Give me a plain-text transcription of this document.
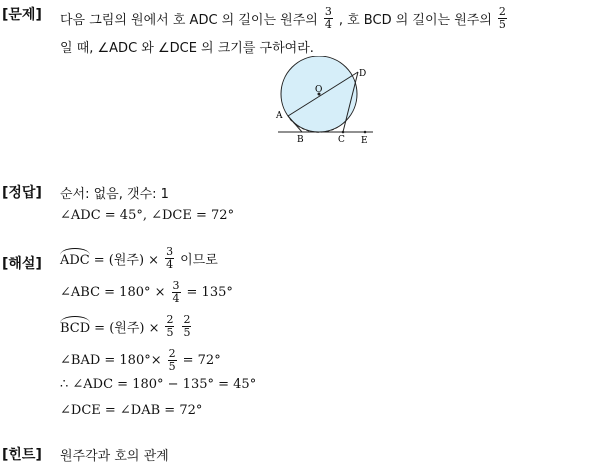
[문제] 다음 그림의 원에서 호 ADC 의 길이는 원주의 $\frac{3}{4}$ , 호 BCD 의 길이는 원주의 $\frac{2}{5}$
일 때, ∠ADC 와 ∠DCE 의 크기를 구하여라.
O
A
B	C
D
E
[정답] 순서: 없음, 갯수: 1
∠ADC = 45°, ∠DCE = 72°
[해설] ADC = (원주) × $\frac{3}{4}$ 이므로
∠ABC = $180^\circ \times \frac{3}{4} = 135^\circ$
BCD = (원주) × $\frac{2}{5} \frac{2}{5}$
∠BAD = $180^\circ\times \frac{2}{5} = 72^\circ$
∴ ∠ADC = 180° − 135° = 45°
∠DCE = ∠DAB = 72°
[힌트] 원주각과 호의 관계
